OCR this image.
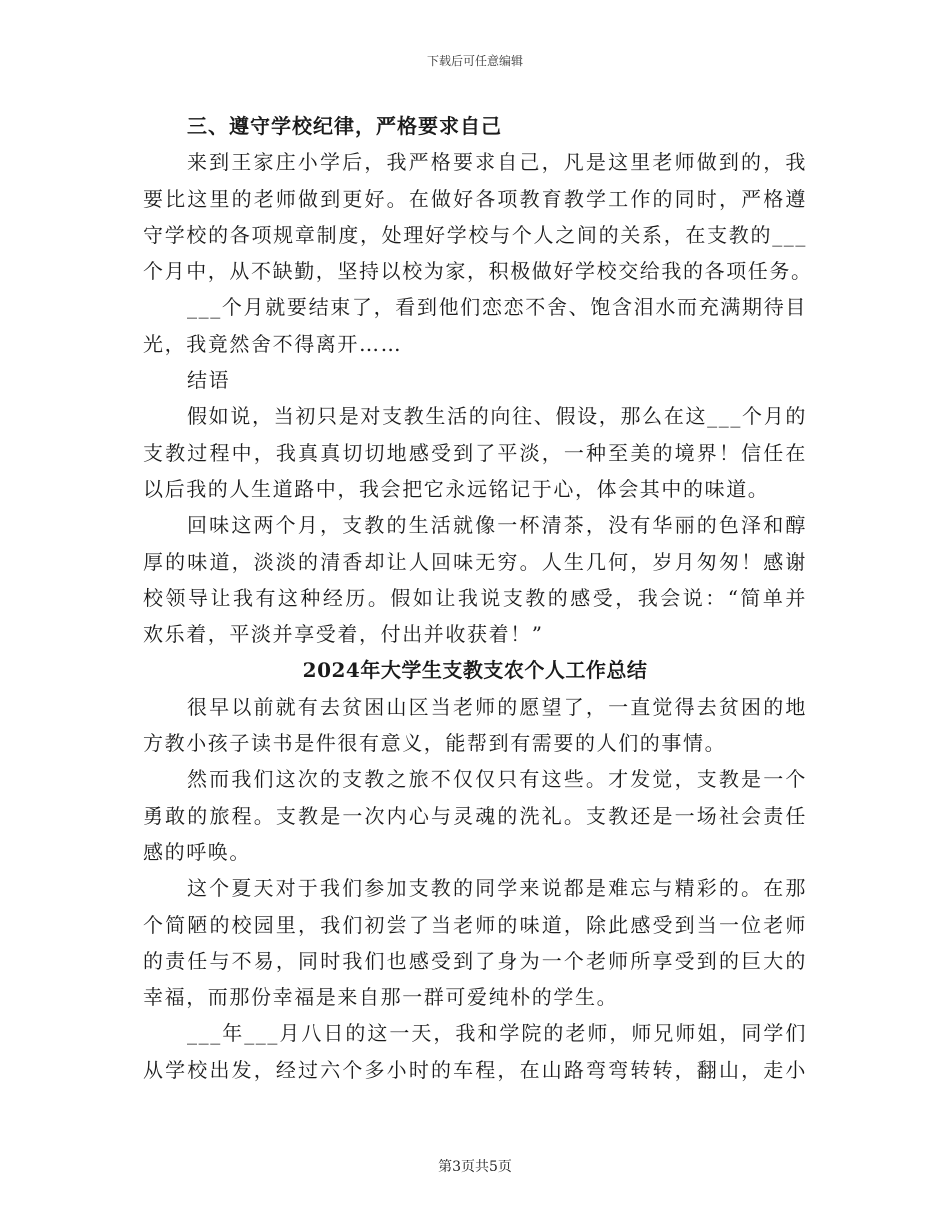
下载后可任意编辑
三、遵守学校纪律，严格要求自己
来到王家庄小学后，我严格要求自己，凡是这里老师做到的，我
要比这里的老师做到更好。在做好各项教育教学工作的同时，严格遵
守学校的各项规章制度，处理好学校与个人之间的关系，在支教的___
个月中，从不缺勤，坚持以校为家，积极做好学校交给我的各项任务。
___个月就要结束了，看到他们恋恋不舍、饱含泪水而充满期待目
光，我竟然舍不得离开……
结语
假如说，当初只是对支教生活的向往、假设，那么在这___个月的
支教过程中，我真真切切地感受到了平淡，一种至美的境界！信任在
以后我的人生道路中，我会把它永远铭记于心，体会其中的味道。
回味这两个月，支教的生活就像一杯清茶，没有华丽的色泽和醇
厚的味道，淡淡的清香却让人回味无穷。人生几何，岁月匆匆！感谢
校领导让我有这种经历。假如让我说支教的感受，我会说：“简单并
欢乐着，平淡并享受着，付出并收获着！”
2024年大学生支教支农个人工作总结
很早以前就有去贫困山区当老师的愿望了，一直觉得去贫困的地
方教小孩子读书是件很有意义，能帮到有需要的人们的事情。
然而我们这次的支教之旅不仅仅只有这些。才发觉，支教是一个
勇敢的旅程。支教是一次内心与灵魂的洗礼。支教还是一场社会责任
感的呼唤。
这个夏天对于我们参加支教的同学来说都是难忘与精彩的。在那
个简陋的校园里，我们初尝了当老师的味道，除此感受到当一位老师
的责任与不易，同时我们也感受到了身为一个老师所享受到的巨大的
幸福，而那份幸福是来自那一群可爱纯朴的学生。
___年___月八日的这一天，我和学院的老师，师兄师姐，同学们
从学校出发，经过六个多小时的车程，在山路弯弯转转，翻山，走小
第3页共5页
